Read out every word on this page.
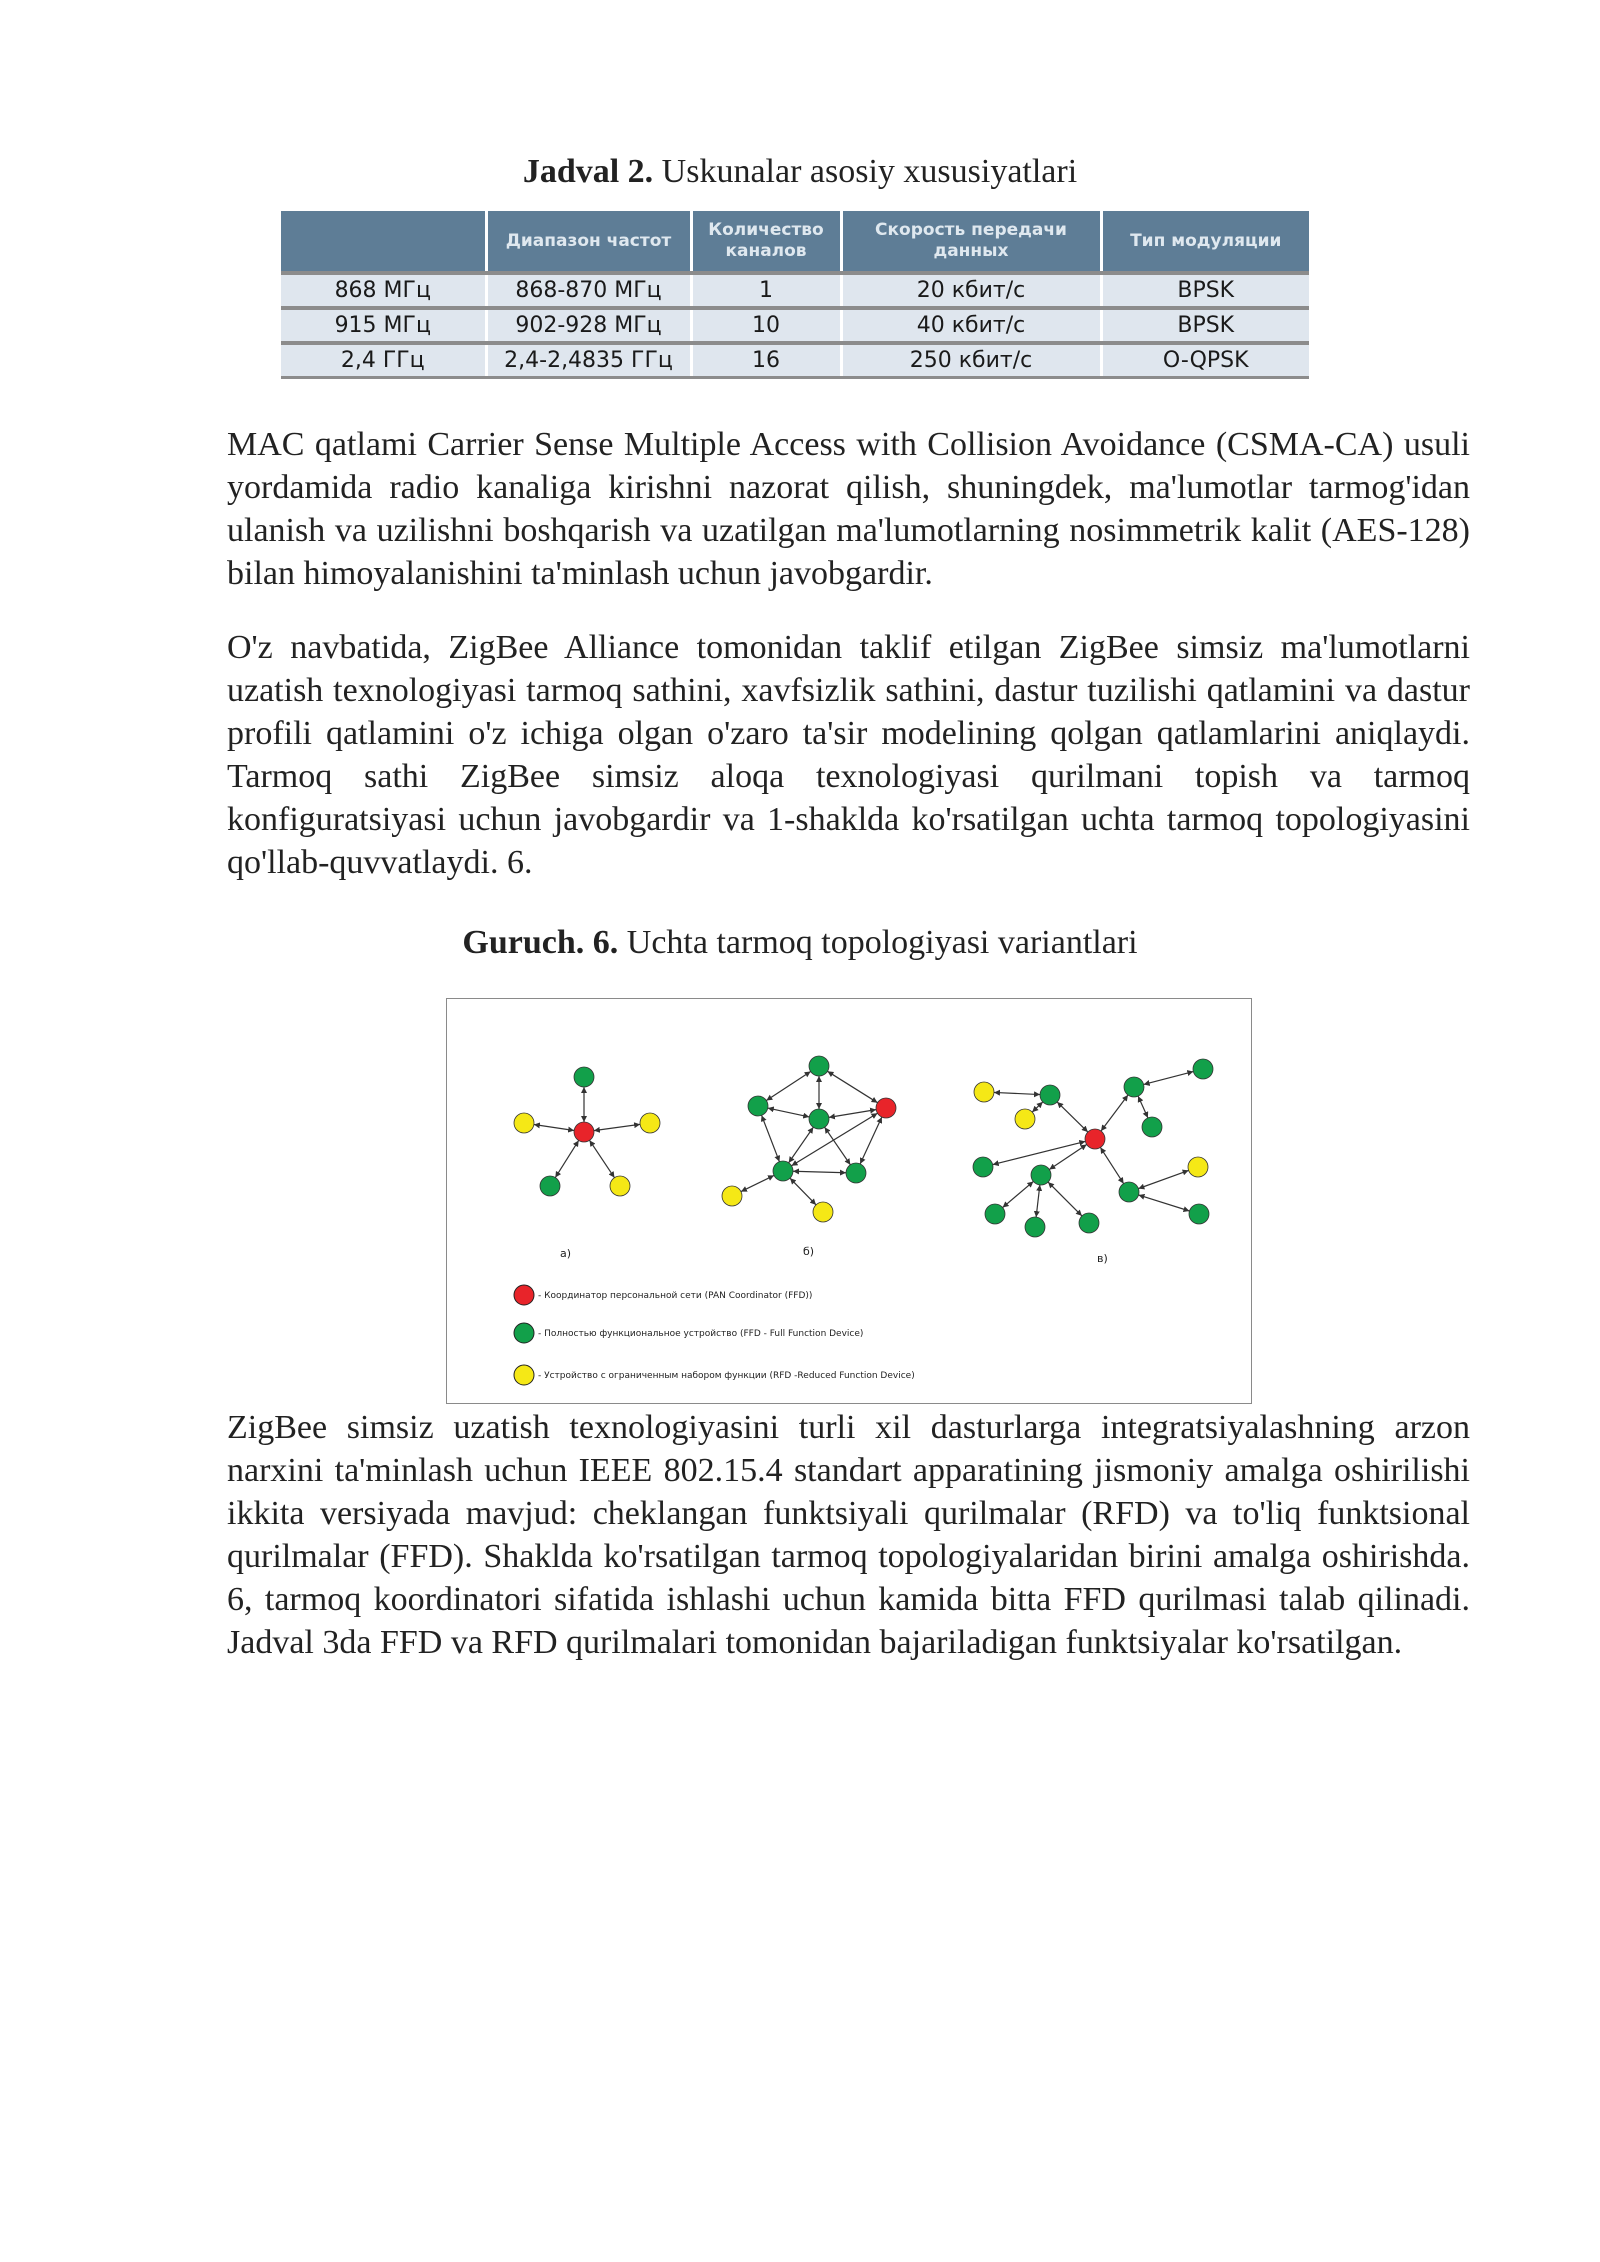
Jadval 2. Uskunalar asosiy xususiyatlari
	Диапазон частот	Количество каналов	Скорость передачи данных	Тип модуляции
868 МГц	868-870 МГц	1	20 кбит/с	BPSK
915 МГц	902-928 МГц	10	40 кбит/с	BPSK
2,4 ГГц	2,4-2,4835 ГГц	16	250 кбит/с	O-QPSK

MAC qatlami Carrier Sense Multiple Access with Collision Avoidance (CSMA-CA) usuli yordamida radio kanaliga kirishni nazorat qilish, shuningdek, ma'lumotlar tarmog'idan ulanish va uzilishni boshqarish va uzatilgan ma'lumotlarning nosimmetrik kalit (AES-128) bilan himoyalanishini ta'minlash uchun javobgardir.

O'z navbatida, ZigBee Alliance tomonidan taklif etilgan ZigBee simsiz ma'lumotlarni uzatish texnologiyasi tarmoq sathini, xavfsizlik sathini, dastur tuzilishi qatlamini va dastur profili qatlamini o'z ichiga olgan o'zaro ta'sir modelining qolgan qatlamlarini aniqlaydi. Tarmoq sathi ZigBee simsiz aloqa texnologiyasi qurilmani topish va tarmoq konfiguratsiyasi uchun javobgardir va 1-shaklda ko'rsatilgan uchta tarmoq topologiyasini qo'llab-quvvatlaydi. 6.

Guruch. 6. Uchta tarmoq topologiyasi variantlari
а)	б)
в)
- Координатор персональной сети (PAN Coordinator (FFD))
- Полностью функциональное устройство (FFD - Full Function Device)
- Устройство с ограниченным набором функции (RFD -Reduced Function Device)

ZigBee simsiz uzatish texnologiyasini turli xil dasturlarga integratsiyalashning arzon narxini ta'minlash uchun IEEE 802.15.4 standart apparatining jismoniy amalga oshirilishi ikkita versiyada mavjud: cheklangan funktsiyali qurilmalar (RFD) va to'liq funktsional qurilmalar (FFD). Shaklda ko'rsatilgan tarmoq topologiyalaridan birini amalga oshirishda. 6, tarmoq koordinatori sifatida ishlashi uchun kamida bitta FFD qurilmasi talab qilinadi. Jadval 3da FFD va RFD qurilmalari tomonidan bajariladigan funktsiyalar ko'rsatilgan.
